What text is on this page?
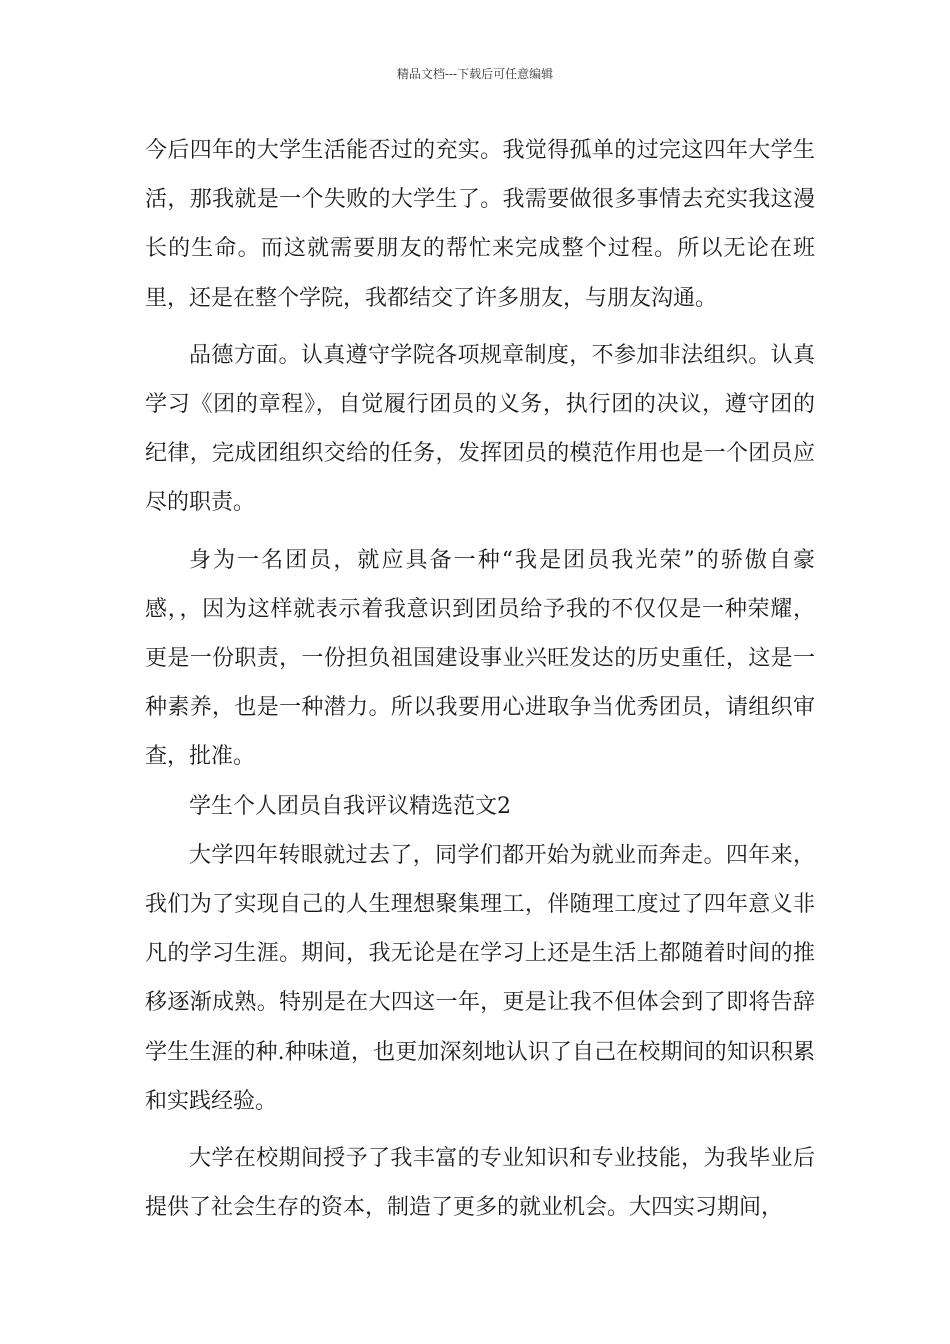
精品文档---下载后可任意编辑

今后四年的大学生活能否过的充实。我觉得孤单的过完这四年大学生活，那我就是一个失败的大学生了。我需要做很多事情去充实我这漫长的生命。而这就需要朋友的帮忙来完成整个过程。所以无论在班里，还是在整个学院，我都结交了许多朋友，与朋友沟通。

品德方面。认真遵守学院各项规章制度，不参加非法组织。认真学习《团的章程》，自觉履行团员的义务，执行团的决议，遵守团的纪律，完成团组织交给的任务，发挥团员的模范作用也是一个团员应尽的职责。

身为一名团员，就应具备一种“我是团员我光荣”的骄傲自豪感，，因为这样就表示着我意识到团员给予我的不仅仅是一种荣耀，更是一份职责，一份担负祖国建设事业兴旺发达的历史重任，这是一种素养，也是一种潜力。所以我要用心进取争当优秀团员，请组织审查，批准。

学生个人团员自我评议精选范文2

大学四年转眼就过去了，同学们都开始为就业而奔走。四年来，我们为了实现自己的人生理想聚集理工，伴随理工度过了四年意义非凡的学习生涯。期间，我无论是在学习上还是生活上都随着时间的推移逐渐成熟。特别是在大四这一年，更是让我不但体会到了即将告辞学生生涯的种.种味道，也更加深刻地认识了自己在校期间的知识积累和实践经验。

大学在校期间授予了我丰富的专业知识和专业技能，为我毕业后提供了社会生存的资本，制造了更多的就业机会。大四实习期间，
